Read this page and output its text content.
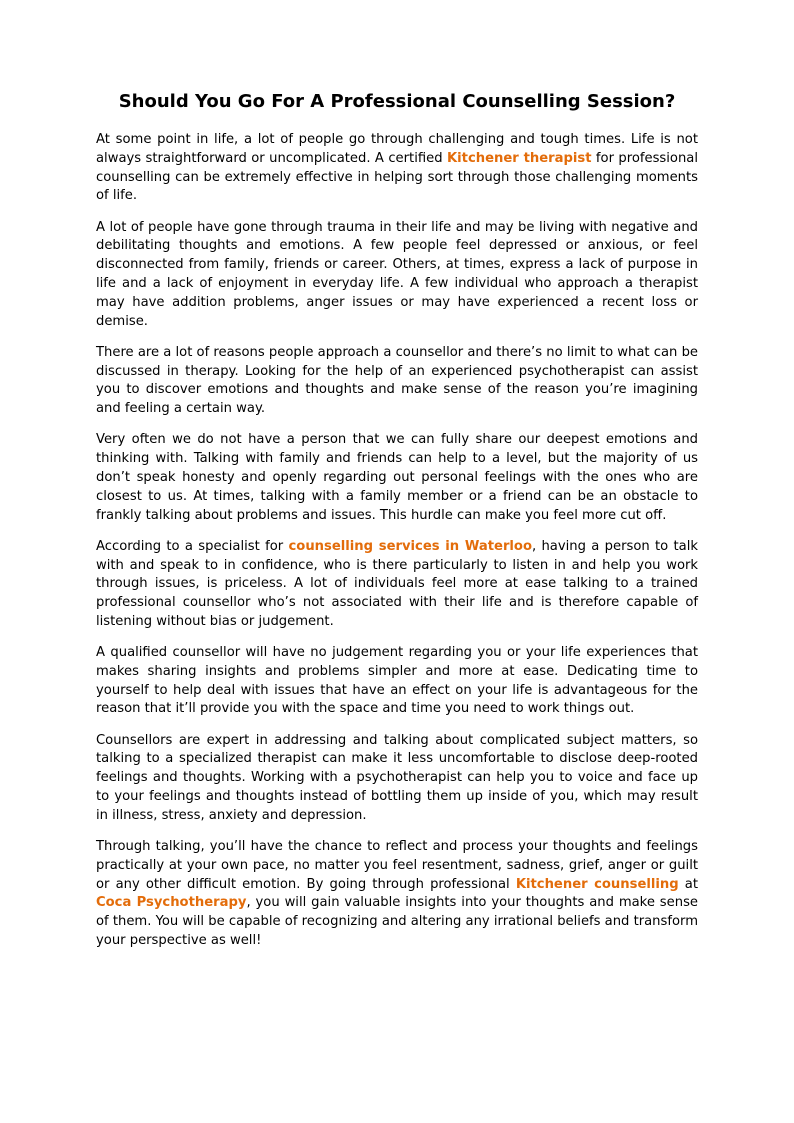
Should You Go For A Professional Counselling Session?

At some point in life, a lot of people go through challenging and tough times. Life is not always straightforward or uncomplicated. A certified Kitchener therapist for professional counselling can be extremely effective in helping sort through those challenging moments of life.

A lot of people have gone through trauma in their life and may be living with negative and debilitating thoughts and emotions. A few people feel depressed or anxious, or feel disconnected from family, friends or career. Others, at times, express a lack of purpose in life and a lack of enjoyment in everyday life. A few individual who approach a therapist may have addition problems, anger issues or may have experienced a recent loss or demise.

There are a lot of reasons people approach a counsellor and there’s no limit to what can be discussed in therapy. Looking for the help of an experienced psychotherapist can assist you to discover emotions and thoughts and make sense of the reason you’re imagining and feeling a certain way.

Very often we do not have a person that we can fully share our deepest emotions and thinking with. Talking with family and friends can help to a level, but the majority of us don’t speak honesty and openly regarding out personal feelings with the ones who are closest to us. At times, talking with a family member or a friend can be an obstacle to frankly talking about problems and issues. This hurdle can make you feel more cut off.

According to a specialist for counselling services in Waterloo, having a person to talk with and speak to in confidence, who is there particularly to listen in and help you work through issues, is priceless. A lot of individuals feel more at ease talking to a trained professional counsellor who’s not associated with their life and is therefore capable of listening without bias or judgement.

A qualified counsellor will have no judgement regarding you or your life experiences that makes sharing insights and problems simpler and more at ease. Dedicating time to yourself to help deal with issues that have an effect on your life is advantageous for the reason that it’ll provide you with the space and time you need to work things out.

Counsellors are expert in addressing and talking about complicated subject matters, so talking to a specialized therapist can make it less uncomfortable to disclose deep-rooted feelings and thoughts. Working with a psychotherapist can help you to voice and face up to your feelings and thoughts instead of bottling them up inside of you, which may result in illness, stress, anxiety and depression.

Through talking, you’ll have the chance to reflect and process your thoughts and feelings practically at your own pace, no matter you feel resentment, sadness, grief, anger or guilt or any other difficult emotion. By going through professional Kitchener counselling at Coca Psychotherapy, you will gain valuable insights into your thoughts and make sense of them. You will be capable of recognizing and altering any irrational beliefs and transform your perspective as well!
